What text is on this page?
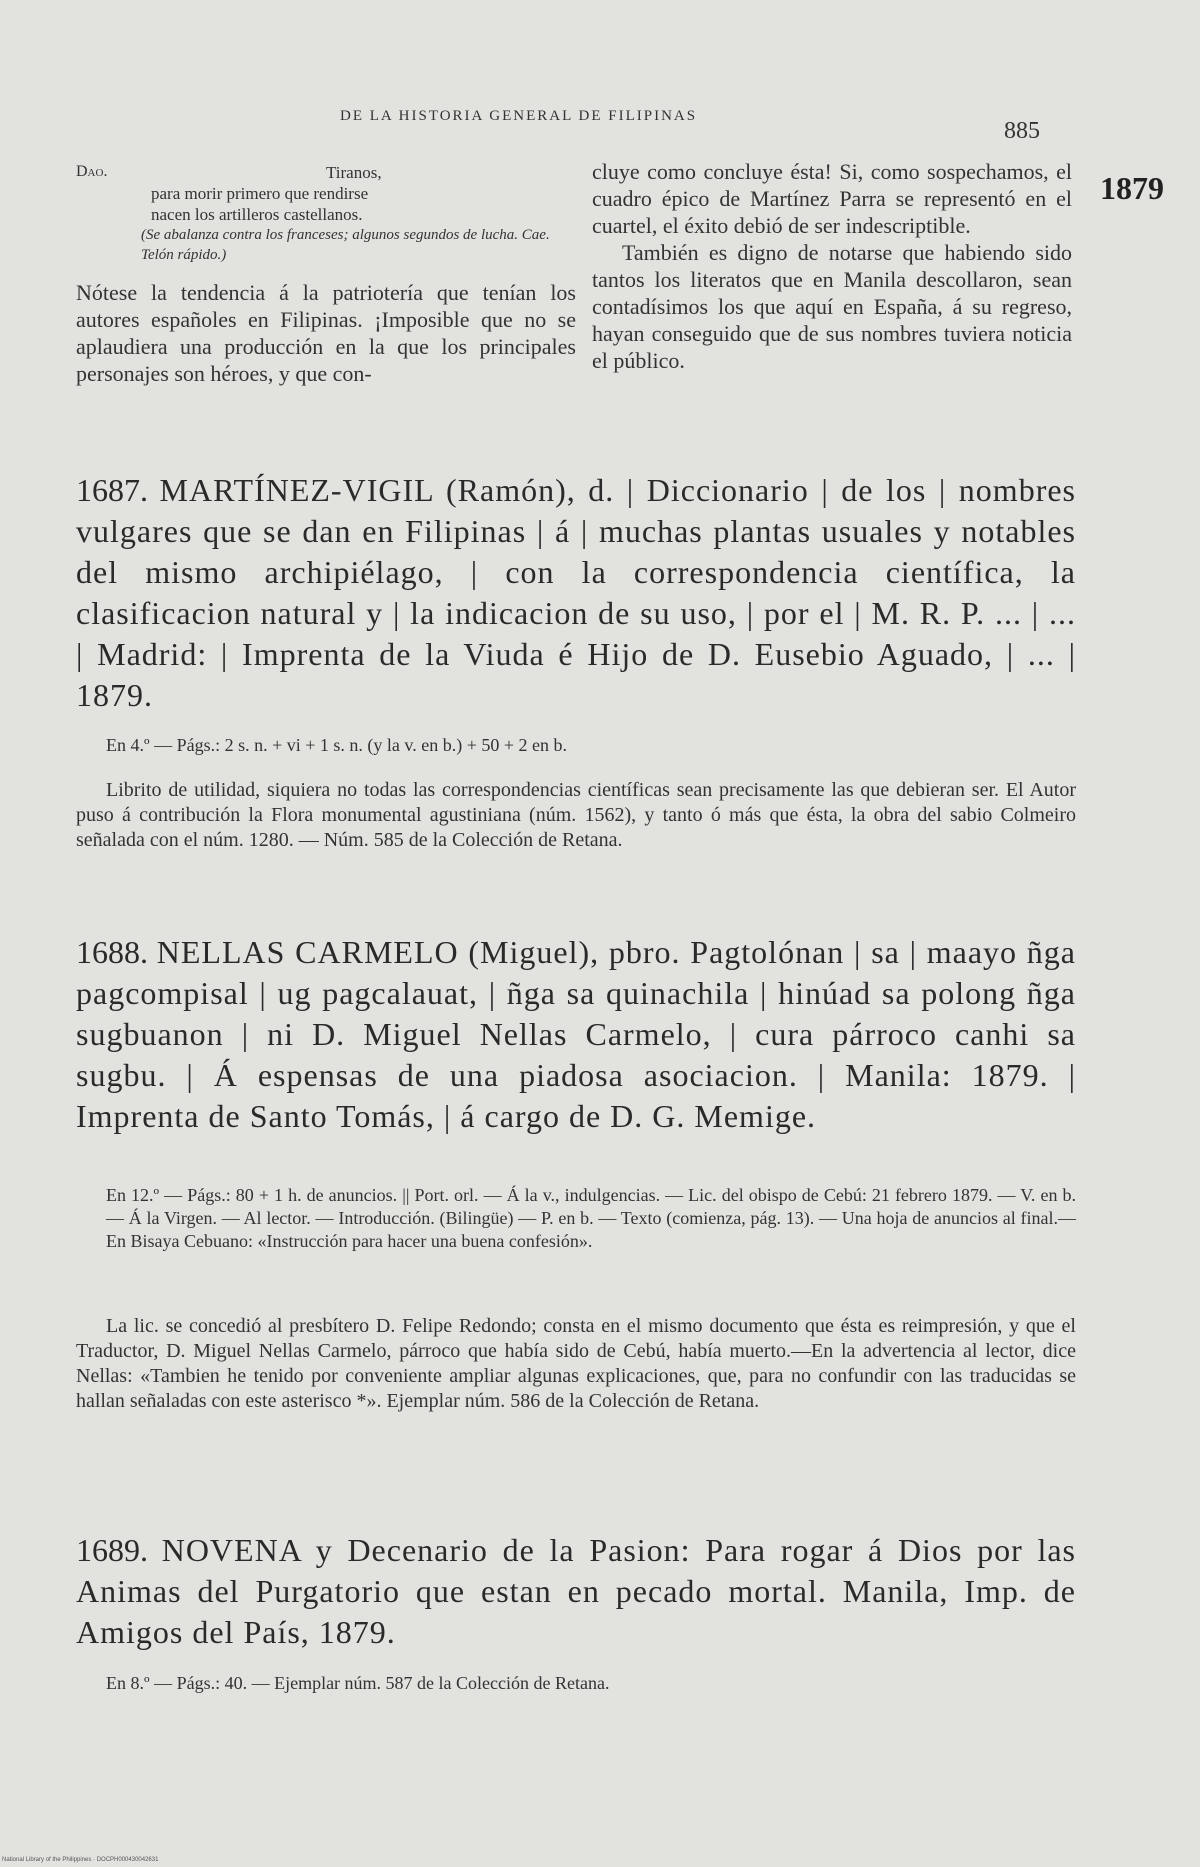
DE LA HISTORIA GENERAL DE FILIPINAS
885
1879
Dao.	Tiranos,
para morir primero que rendirse
nacen los artilleros castellanos.
(Se abalanza contra los franceses; algunos segundos de lucha. Cae. Telón rápido.)
Nótese la tendencia á la patriotería que tenían los autores españoles en Filipinas. ¡Imposible que no se aplaudiera una producción en la que los principales personajes son héroes, y que con-
cluye como concluye ésta! Si, como sospechamos, el cuadro épico de Martínez Parra se representó en el cuartel, el éxito debió de ser indescriptible.
También es digno de notarse que habiendo sido tantos los literatos que en Manila descollaron, sean contadísimos los que aquí en España, á su regreso, hayan conseguido que de sus nombres tuviera noticia el público.
1687. MARTÍNEZ-VIGIL (Ramón), d. | Diccionario | de los | nombres vulgares que se dan en Filipinas | á | muchas plantas usuales y notables del mismo archipiélago, | con la correspondencia científica, la clasificacion natural y | la indicacion de su uso, | por el | M. R. P. ... | ... | Madrid: | Imprenta de la Viuda é Hijo de D. Eusebio Aguado, | ... | 1879.
En 4.º — Págs.: 2 s. n. + vi + 1 s. n. (y la v. en b.) + 50 + 2 en b.
Librito de utilidad, siquiera no todas las correspondencias científicas sean precisamente las que debieran ser. El Autor puso á contribución la Flora monumental agustiniana (núm. 1562), y tanto ó más que ésta, la obra del sabio Colmeiro señalada con el núm. 1280. — Núm. 585 de la Colección de Retana.
1688. NELLAS CARMELO (Miguel), pbro. Pagtolónan | sa | maayo ñga pagcompisal | ug pagcalauat, | ñga sa quinachila | hinúad sa polong ñga sugbuanon | ni D. Miguel Nellas Carmelo, | cura párroco canhi sa sugbu. | Á espensas de una piadosa asociacion. | Manila: 1879. | Imprenta de Santo Tomás, | á cargo de D. G. Memige.
En 12.º — Págs.: 80 + 1 h. de anuncios. || Port. orl. — Á la v., indulgencias. — Lic. del obispo de Cebú: 21 febrero 1879. — V. en b. — Á la Virgen. — Al lector. — Introducción. (Bilingüe) — P. en b. — Texto (comienza, pág. 13). — Una hoja de anuncios al final.— En Bisaya Cebuano: «Instrucción para hacer una buena confesión».
La lic. se concedió al presbítero D. Felipe Redondo; consta en el mismo documento que ésta es reimpresión, y que el Traductor, D. Miguel Nellas Carmelo, párroco que había sido de Cebú, había muerto.—En la advertencia al lector, dice Nellas: «Tambien he tenido por conveniente ampliar algunas explicaciones, que, para no confundir con las traducidas se hallan señaladas con este asterisco *». Ejemplar núm. 586 de la Colección de Retana.
1689. NOVENA y Decenario de la Pasion: Para rogar á Dios por las Animas del Purgatorio que estan en pecado mortal. Manila, Imp. de Amigos del País, 1879.
En 8.º — Págs.: 40. — Ejemplar núm. 587 de la Colección de Retana.
National Library of the Philippines · DOCPH000430042631
